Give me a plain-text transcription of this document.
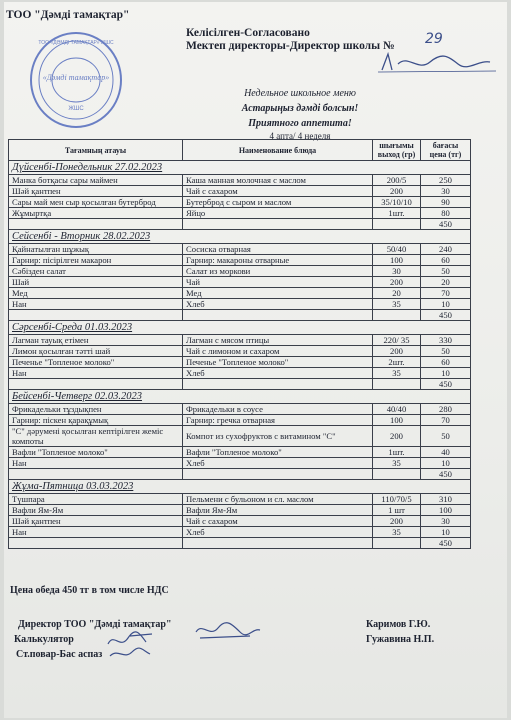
ТОО "Дәмді тамақтар"
Келісілген-Согласовано
Мектеп директоры-Директор школы № 29
«Дәмді тамақтар»
ЖШС
ТОО «ДӘМДІ ТАМАҚТАР» ЖШС
Недельное школьное меню
Астарыңыз дәмді болсын!
Приятного аппетита!
4 апта/ 4 неделя
Тағамның атауы	Наименование блюда	шығымы выход (гр)	бағасы цена (тг)
Дүйсенбі-Понедельник 27.02.2023			
Манка ботқасы сары маймен	Каша манная молочная с маслом	200/5	250
Шәй қантпен	Чай с сахаром	200	30
Сары май мен сыр қосылған бутерброд	Бутерброд с сыром и маслом	35/10/10	90
Жұмыртқа	Яйцо	1шт.	80
			450
Сейсенбі - Вторник 28.02.2023			
Қайнатылған шұжық	Сосиска отварная	50/40	240
Гарнир: пісірілген макарон	Гарнир: макароны отварные	100	60
Сәбізден салат	Салат из моркови	30	50
Шай	Чай	200	20
Мед	Мед	20	70
Нан	Хлеб	35	10
			450
Сәрсенбі-Среда 01.03.2023			
Лагман тауық етімен	Лагман с мясом птицы	220/ 35	330
Лимон қосылған тәтті шай	Чай с лимоном и сахаром	200	50
Печенье "Топленое молоко"	Печенье "Топленое молоко"	2шт.	60
Нан	Хлеб	35	10
			450
Бейсенбі-Четверг 02.03.2023			
Фрикадельки тұздықпен	Фрикадельки в соусе	40/40	280
Гарнир: піскен қарақұмық	Гарнир: гречка отварная	100	70
"С" дәрумені қосылған кептірілген жеміс компоты	Компот из сухофруктов с витамином "С"	200	50
Вафли "Топленое молоко"	Вафли "Топленое молоко"	1шт.	40
Нан	Хлеб	35	10
			450
Жұма-Пятница 03.03.2023			
Түшпара	Пельмени с бульоном и сл. маслом	110/70/5	310
Вафли Ям-Ям	Вафли Ям-Ям	1 шт	100
Шәй қантпен	Чай с сахаром	200	30
Нан	Хлеб	35	10
			450
Цена обеда 450 тг в том числе НДС
Директор ТОО "Дәмді тамақтар"
Калькулятор
Ст.повар-Бас аспаз
Каримов Г.Ю.
Гужавина Н.П.
